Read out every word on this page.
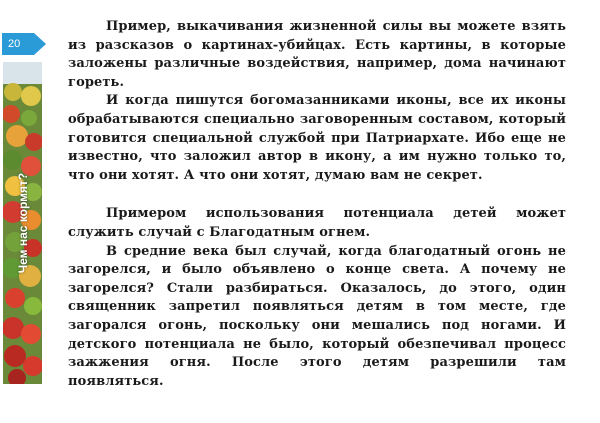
20
Чем нас кормят?

Пример, выкачивания жизненной силы вы можете взять из разсказов о картинах-убийцах. Есть картины, в которые заложены различные воздействия, например, дома начинают гореть.

И когда пишутся богомазанниками иконы, все их иконы обрабатываются специально заговоренным составом, который готовится специальной службой при Патриархате. Ибо еще не известно, что заложил автор в икону, а им нужно только то, что они хотят. А что они хотят, думаю вам не секрет.

Примером использования потенциала детей может служить случай с Благодатным огнем.

В средние века был случай, когда благодатный огонь не загорелся, и было объявлено о конце света. А почему не загорелся? Стали разбираться. Оказалось, до этого, один священник запретил появляться детям в том месте, где загорался огонь, поскольку они мешались под ногами. И детского потенциала не было, который обезпечивал процесс зажжения огня. После этого детям разрешили там появляться.
